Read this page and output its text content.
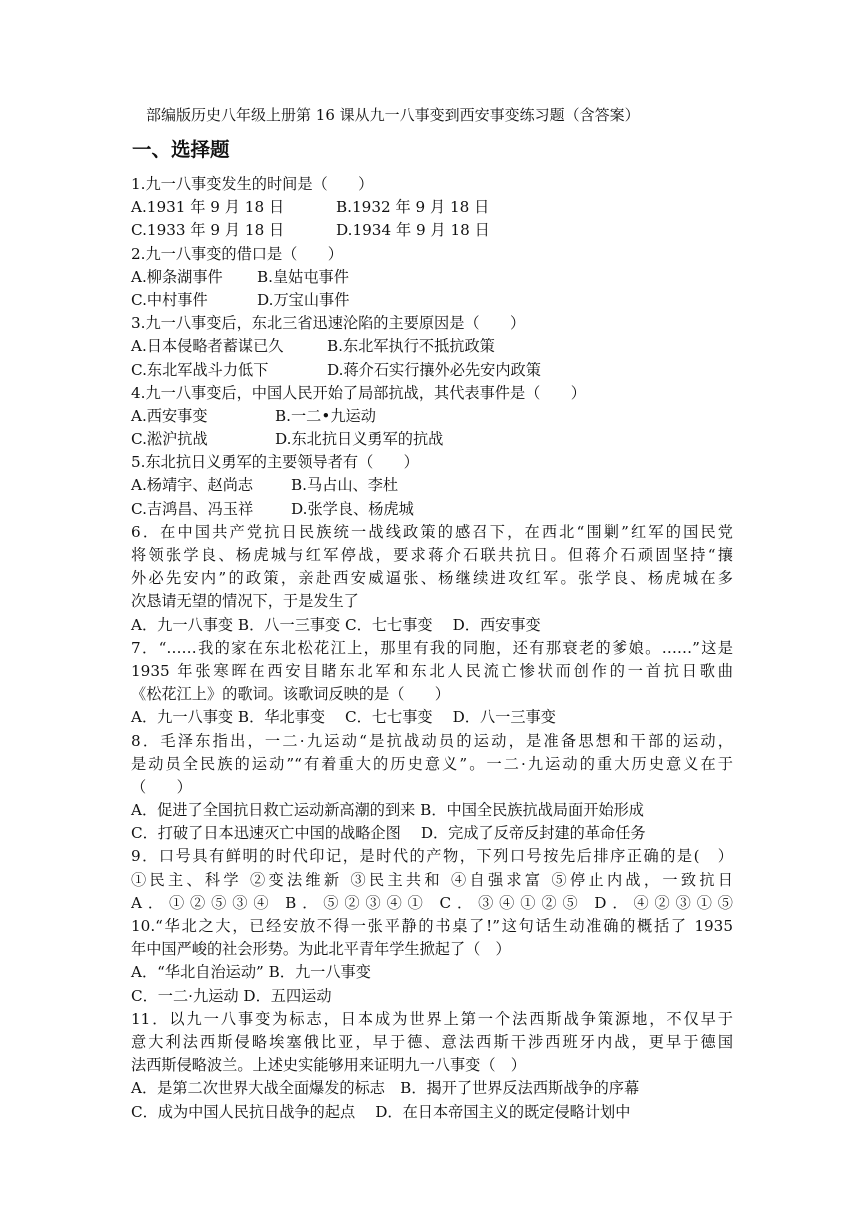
部编版历史八年级上册第 16 课从九一八事变到西安事变练习题（含答案）
一、选择题
1.九一八事变发生的时间是（　　）
A.1931 年 9 月 18 日	B.1932 年 9 月 18 日
C.1933 年 9 月 18 日	D.1934 年 9 月 18 日
2.九一八事变的借口是（　　）
A.柳条湖事件 B.皇姑屯事件
C.中村事件	D.万宝山事件
3.九一八事变后，东北三省迅速沦陷的主要原因是（　　）
A.日本侵略者蓄谋已久	B.东北军执行不抵抗政策
C.东北军战斗力低下	D.蒋介石实行攘外必先安内政策
4.九一八事变后，中国人民开始了局部抗战，其代表事件是（　　）
A.西安事变	B.一二•九运动
C.淞沪抗战	D.东北抗日义勇军的抗战
5.东北抗日义勇军的主要领导者有（　　）
A.杨靖宇、赵尚志 B.马占山、李杜
C.吉鸿昌、冯玉祥 D.张学良、杨虎城
6．在中国共产党抗日民族统一战线政策的感召下，在西北“围剿”红军的国民党
将领张学良、杨虎城与红军停战，要求蒋介石联共抗日。但蒋介石顽固坚持“攘
外必先安内”的政策，亲赴西安威逼张、杨继续进攻红军。张学良、杨虎城在多
次恳请无望的情况下，于是发生了
A．九一八事变 B．八一三事变 C．七七事变　 D．西安事变
7．“……我的家在东北松花江上，那里有我的同胞，还有那衰老的爹娘。……”这是
1935 年张寒晖在西安目睹东北军和东北人民流亡惨状而创作的一首抗日歌曲
《松花江上》的歌词。该歌词反映的是（　　）
A．九一八事变 B．华北事变　 C．七七事变　 D．八一三事变
8．毛泽东指出，一二·九运动“是抗战动员的运动，是准备思想和干部的运动，
是动员全民族的运动”“有着重大的历史意义”。一二·九运动的重大历史意义在于
（　　）
A．促进了全国抗日救亡运动新高潮的到来 B．中国全民族抗战局面开始形成
C．打破了日本迅速灭亡中国的战略企图　 D．完成了反帝反封建的革命任务
9．口号具有鲜明的时代印记，是时代的产物，下列口号按先后排序正确的是(　）
①民主、科学 ②变法维新 ③民主共和 ④自强求富 ⑤停止内战，一致抗日
A．①②⑤③④ B．⑤②③④① C．③④①②⑤ D．④②③①⑤
10.“华北之大，已经安放不得一张平静的书桌了!”这句话生动准确的概括了 1935
年中国严峻的社会形势。为此北平青年学生掀起了（　）
A．“华北自治运动” B．九一八事变
C．一二·九运动 D．五四运动
11．以九一八事变为标志，日本成为世界上第一个法西斯战争策源地，不仅早于
意大利法西斯侵略埃塞俄比亚，早于德、意法西斯干涉西班牙内战，更早于德国
法西斯侵略波兰。上述史实能够用来证明九一八事变（　）
A．是第二次世界大战全面爆发的标志　B．揭开了世界反法西斯战争的序幕
C．成为中国人民抗日战争的起点　 D．在日本帝国主义的既定侵略计划中
